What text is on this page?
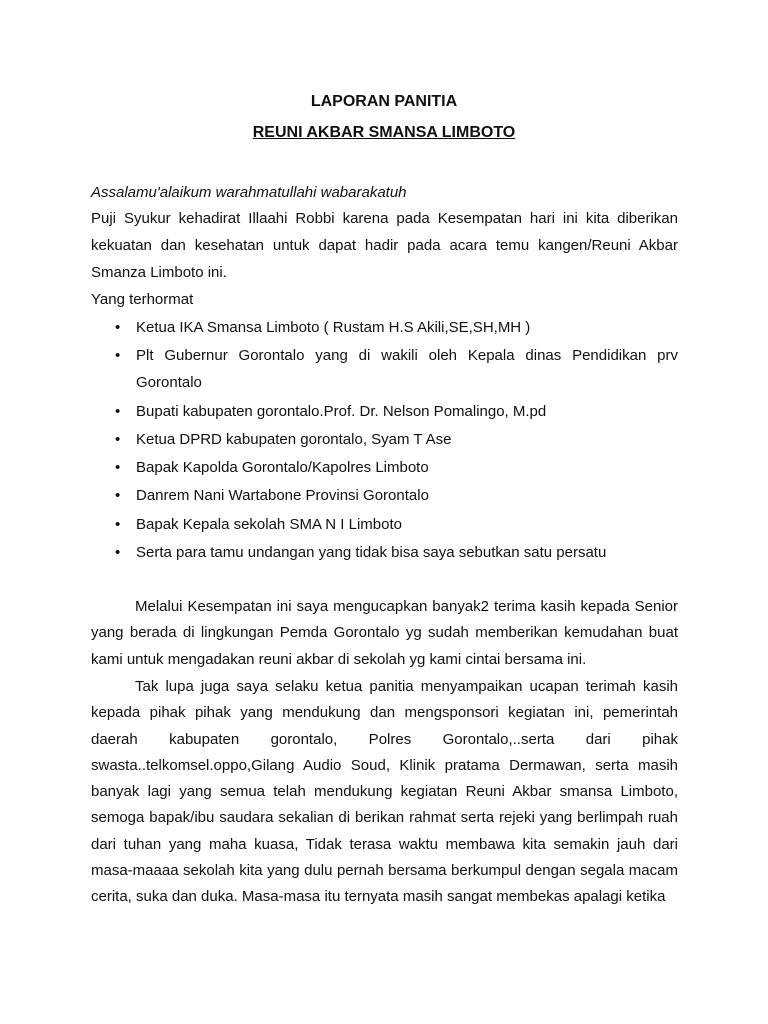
LAPORAN PANITIA

REUNI AKBAR SMANSA LIMBOTO

Assalamu'alaikum warahmatullahi wabarakatuh

Puji Syukur kehadirat Illaahi Robbi karena pada Kesempatan hari ini kita diberikan kekuatan dan kesehatan untuk dapat hadir pada acara temu kangen/Reuni Akbar Smanza Limboto ini.

Yang terhormat

• Ketua IKA Smansa Limboto ( Rustam H.S Akili,SE,SH,MH )
• Plt Gubernur Gorontalo yang di wakili oleh Kepala dinas Pendidikan prv Gorontalo
• Bupati kabupaten gorontalo.Prof. Dr. Nelson Pomalingo, M.pd
• Ketua DPRD kabupaten gorontalo, Syam T Ase
• Bapak Kapolda Gorontalo/Kapolres Limboto
• Danrem Nani Wartabone Provinsi Gorontalo
• Bapak Kepala sekolah SMA N I Limboto
• Serta para tamu undangan yang tidak bisa saya sebutkan satu persatu

Melalui Kesempatan ini saya mengucapkan banyak2 terima kasih kepada Senior yang berada di lingkungan Pemda Gorontalo yg sudah memberikan kemudahan buat kami untuk mengadakan reuni akbar di sekolah yg kami cintai bersama ini.

Tak lupa juga saya selaku ketua panitia menyampaikan ucapan terimah kasih kepada pihak pihak yang mendukung dan mengsponsori kegiatan ini, pemerintah daerah kabupaten gorontalo, Polres Gorontalo,..serta dari pihak swasta..telkomsel.oppo,Gilang Audio Soud, Klinik pratama Dermawan, serta masih banyak lagi yang semua telah mendukung kegiatan Reuni Akbar smansa Limboto, semoga bapak/ibu saudara sekalian di berikan rahmat serta rejeki yang berlimpah ruah dari tuhan yang maha kuasa, Tidak terasa waktu membawa kita semakin jauh dari masa-maaaa sekolah kita yang dulu pernah bersama berkumpul dengan segala macam cerita, suka dan duka. Masa-masa itu ternyata masih sangat membekas apalagi ketika
